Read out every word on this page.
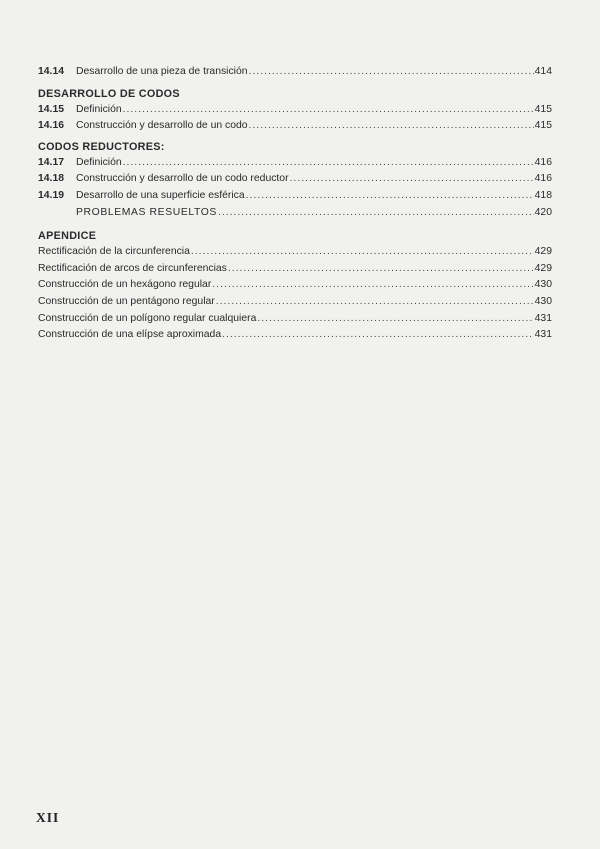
14.14	Desarrollo de una pieza de transición .....	414
DESARROLLO DE CODOS
14.15	Definición .....	415
14.16	Construcción y desarrollo de un codo .....	415
CODOS REDUCTORES:
14.17	Definición .....	416
14.18	Construcción y desarrollo de un codo reductor .....	416
14.19	Desarrollo de una superficie esférica .....	418
PROBLEMAS RESUELTOS .....	420
APENDICE
Rectificación de la circunferencia .....	429
Rectificación de arcos de circunferencias .....	429
Construcción de un hexágono regular .....	430
Construcción de un pentágono regular .....	430
Construcción de un polígono regular cualquiera .....	431
Construcción de una elípse aproximada .....	431
XII
